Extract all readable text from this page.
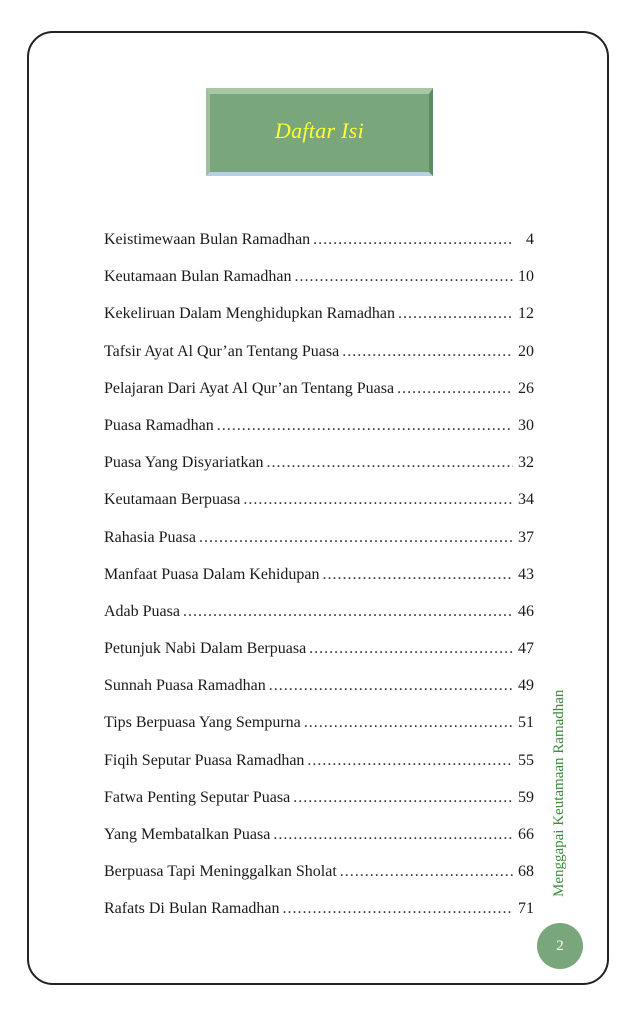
Daftar Isi
Keistimewaan Bulan Ramadhan .....	4
Keutamaan Bulan Ramadhan .....	10
Kekeliruan Dalam Menghidupkan Ramadhan .....	12
Tafsir Ayat Al Qur’an Tentang Puasa .....	20
Pelajaran Dari Ayat Al Qur’an Tentang Puasa .....	26
Puasa Ramadhan .....	30
Puasa Yang Disyariatkan .....	32
Keutamaan Berpuasa .....	34
Rahasia Puasa .....	37
Manfaat Puasa Dalam Kehidupan .....	43
Adab Puasa .....	46
Petunjuk Nabi Dalam Berpuasa .....	47
Sunnah Puasa Ramadhan .....	49
Tips Berpuasa Yang Sempurna .....	51
Fiqih Seputar Puasa Ramadhan .....	55
Fatwa Penting Seputar Puasa .....	59
Yang Membatalkan Puasa .....	66
Berpuasa Tapi Meninggalkan Sholat .....	68
Rafats Di Bulan Ramadhan .....	71
Menggapai Keutamaan Ramadhan
2
